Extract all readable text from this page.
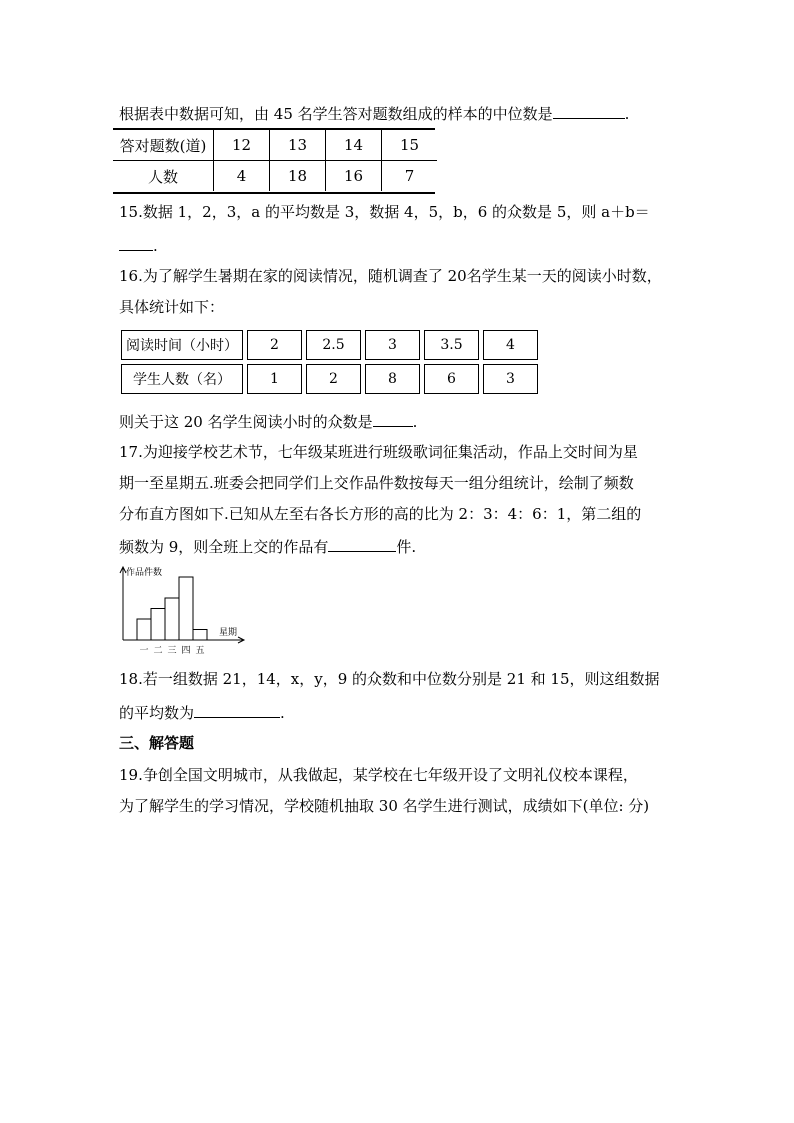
根据表中数据可知，由 45 名学生答对题数组成的样本的中位数是	.
答对题数(道)	12	13	14	15
人数	4	18	16	7
15.数据 1，2，3，a 的平均数是 3，数据 4，5，b，6 的众数是 5，则 a＋b＝
.
16.为了解学生暑期在家的阅读情况，随机调查了 20名学生某一天的阅读小时数，
具体统计如下：
阅读时间（小时）	2	2.5	3	3.5	4
学生人数（名）	1	2	8	6	3
则关于这 20 名学生阅读小时的众数是	.
17.为迎接学校艺术节，七年级某班进行班级歌词征集活动，作品上交时间为星
期一至星期五.班委会把同学们上交作品件数按每天一组分组统计，绘制了频数
分布直方图如下.已知从左至右各长方形的高的比为 2：3：4：6：1，第二组的
频数为 9，则全班上交的作品有	件.
作品件数
星期
一 二 三 四 五
18.若一组数据 21，14，x，y，9 的众数和中位数分别是 21 和 15，则这组数据
的平均数为	.
三、解答题
19.争创全国文明城市，从我做起，某学校在七年级开设了文明礼仪校本课程，
为了解学生的学习情况，学校随机抽取 30 名学生进行测试，成绩如下(单位: 分)
